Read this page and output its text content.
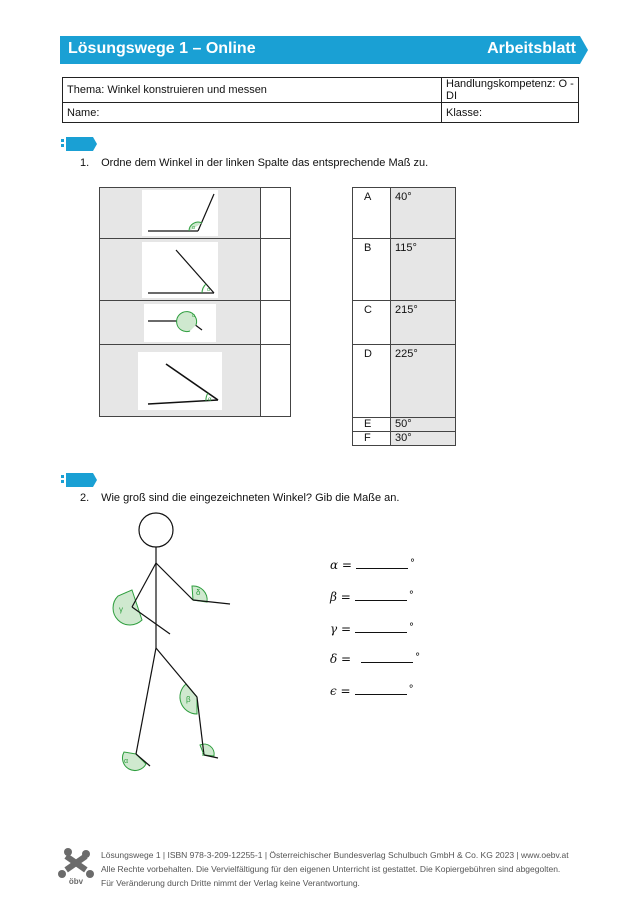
Lösungswege 1 – Online	Arbeitsblatt
Thema: Winkel konstruieren und messen	Handlungskompetenz: O - DI
Name:	Klasse:
1. Ordne dem Winkel in der linken Spalte das entsprechende Maß zu.
α	

α	

α	

α	

A	40°
B	115°
C	215°
D	225°
E	50°
F	30°
2. Wie groß sind die eingezeichneten Winkel? Gib die Maße an.
γ
δ
β
α
ε
α =	°
β =	°
γ =	°
δ =	°
ϵ =	°
öbv
Lösungswege 1 | ISBN 978-3-209-12255-1 | Österreichischer Bundesverlag Schulbuch GmbH & Co. KG 2023 | www.oebv.at
Alle Rechte vorbehalten. Die Vervielfältigung für den eigenen Unterricht ist gestattet. Die Kopiergebühren sind abgegolten.
Für Veränderung durch Dritte nimmt der Verlag keine Verantwortung.
